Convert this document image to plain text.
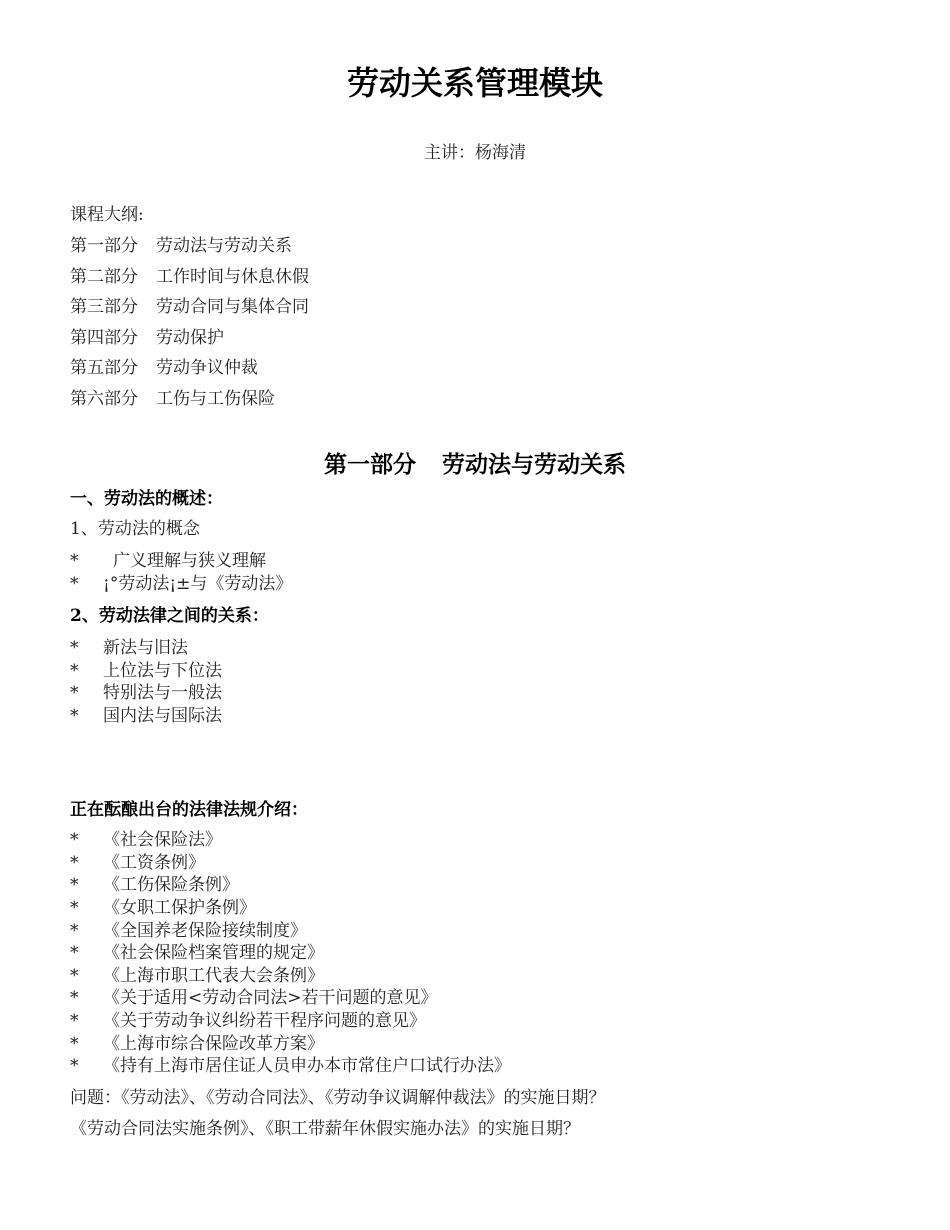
劳动关系管理模块
主讲：杨海清
课程大纲:
第一部分 劳动法与劳动关系
第二部分 工作时间与休息休假
第三部分 劳动合同与集体合同
第四部分 劳动保护
第五部分 劳动争议仲裁
第六部分 工伤与工伤保险
第一部分 劳动法与劳动关系
一、劳动法的概述：
1、劳动法的概念
* 广义理解与狭义理解
* ¡°劳动法¡±与《劳动法》
2、劳动法律之间的关系：
* 新法与旧法
* 上位法与下位法
* 特别法与一般法
* 国内法与国际法
正在酝酿出台的法律法规介绍：
* 《社会保险法》
* 《工资条例》
* 《工伤保险条例》
* 《女职工保护条例》
* 《全国养老保险接续制度》
* 《社会保险档案管理的规定》
* 《上海市职工代表大会条例》
* 《关于适用<劳动合同法>若干问题的意见》
* 《关于劳动争议纠纷若干程序问题的意见》
* 《上海市综合保险改革方案》
* 《持有上海市居住证人员申办本市常住户口试行办法》
问题：《劳动法》、《劳动合同法》、《劳动争议调解仲裁法》的实施日期？
《劳动合同法实施条例》、《职工带薪年休假实施办法》的实施日期？
